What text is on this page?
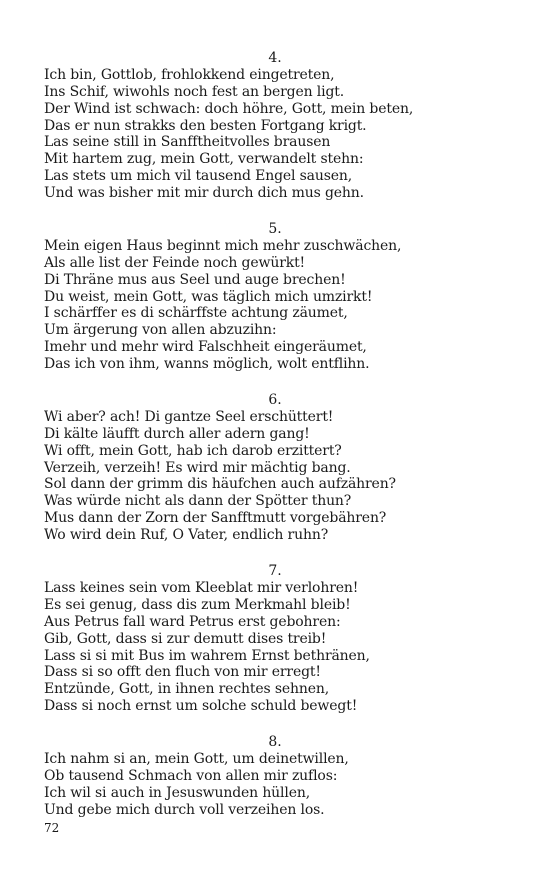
4.
Ich bin, Gottlob, frohlokkend eingetreten,
Ins Schif, wiwohls noch fest an bergen ligt.
Der Wind ist schwach: doch höhre, Gott, mein beten,
Das er nun strakks den besten Fortgang krigt.
Las seine still in Sanfftheitvolles brausen
Mit hartem zug, mein Gott, verwandelt stehn:
Las stets um mich vil tausend Engel sausen,
Und was bisher mit mir durch dich mus gehn.
5.
Mein eigen Haus beginnt mich mehr zuschwächen,
Als alle list der Feinde noch gewürkt!
Di Thräne mus aus Seel und auge brechen!
Du weist, mein Gott, was täglich mich umzirkt!
I schärffer es di schärffste achtung zäumet,
Um ärgerung von allen abzuzihn:
Imehr und mehr wird Falschheit eingeräumet,
Das ich von ihm, wanns möglich, wolt entflihn.
6.
Wi aber? ach! Di gantze Seel erschüttert!
Di kälte läufft durch aller adern gang!
Wi offt, mein Gott, hab ich darob erzittert?
Verzeih, verzeih! Es wird mir mächtig bang.
Sol dann der grimm dis häufchen auch aufzähren?
Was würde nicht als dann der Spötter thun?
Mus dann der Zorn der Sanfftmutt vorgebähren?
Wo wird dein Ruf, O Vater, endlich ruhn?
7.
Lass keines sein vom Kleeblat mir verlohren!
Es sei genug, dass dis zum Merkmahl bleib!
Aus Petrus fall ward Petrus erst gebohren:
Gib, Gott, dass si zur demutt dises treib!
Lass si si mit Bus im wahrem Ernst bethränen,
Dass si so offt den fluch von mir erregt!
Entzünde, Gott, in ihnen rechtes sehnen,
Dass si noch ernst um solche schuld bewegt!
8.
Ich nahm si an, mein Gott, um deinetwillen,
Ob tausend Schmach von allen mir zuflos:
Ich wil si auch in Jesuswunden hüllen,
Und gebe mich durch voll verzeihen los.
72
